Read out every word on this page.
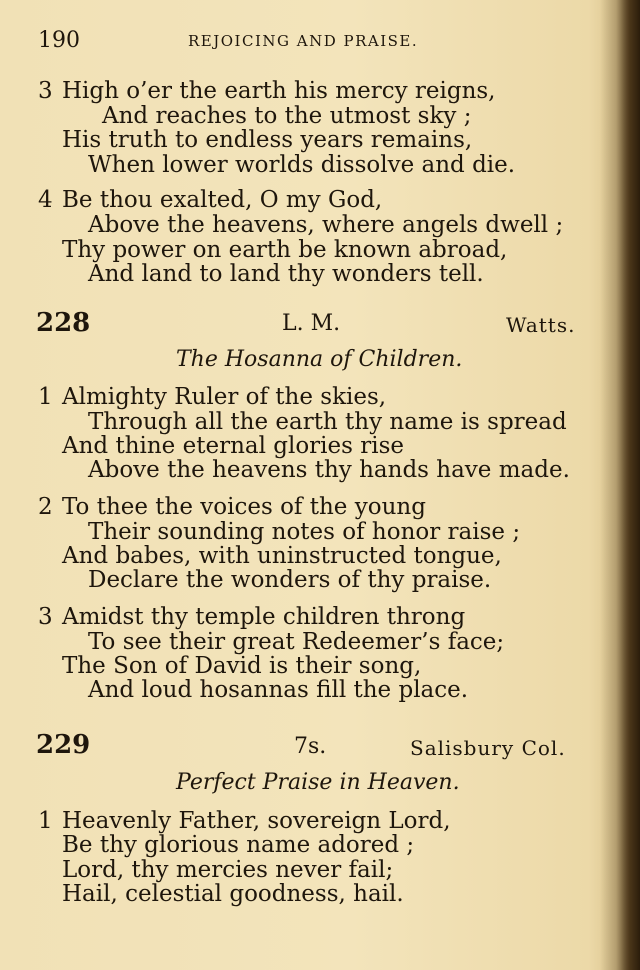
190	REJOICING AND PRAISE.
3 High o’er the earth his mercy reigns,
And reaches to the utmost sky ;
His truth to endless years remains,
When lower worlds dissolve and die.
4 Be thou exalted, O my God,
Above the heavens, where angels dwell ;
Thy power on earth be known abroad,
And land to land thy wonders tell.
228	L. M.	Watts.
The Hosanna of Children.
1 Almighty Ruler of the skies,
Through all the earth thy name is spread
And thine eternal glories rise
Above the heavens thy hands have made.
2 To thee the voices of the young
Their sounding notes of honor raise ;
And babes, with uninstructed tongue,
Declare the wonders of thy praise.
3 Amidst thy temple children throng
To see their great Redeemer’s face;
The Son of David is their song,
And loud hosannas fill the place.
229	7s.	Salisbury Col.
Perfect Praise in Heaven.
1 Heavenly Father, sovereign Lord,
Be thy glorious name adored ;
Lord, thy mercies never fail;
Hail, celestial goodness, hail.
